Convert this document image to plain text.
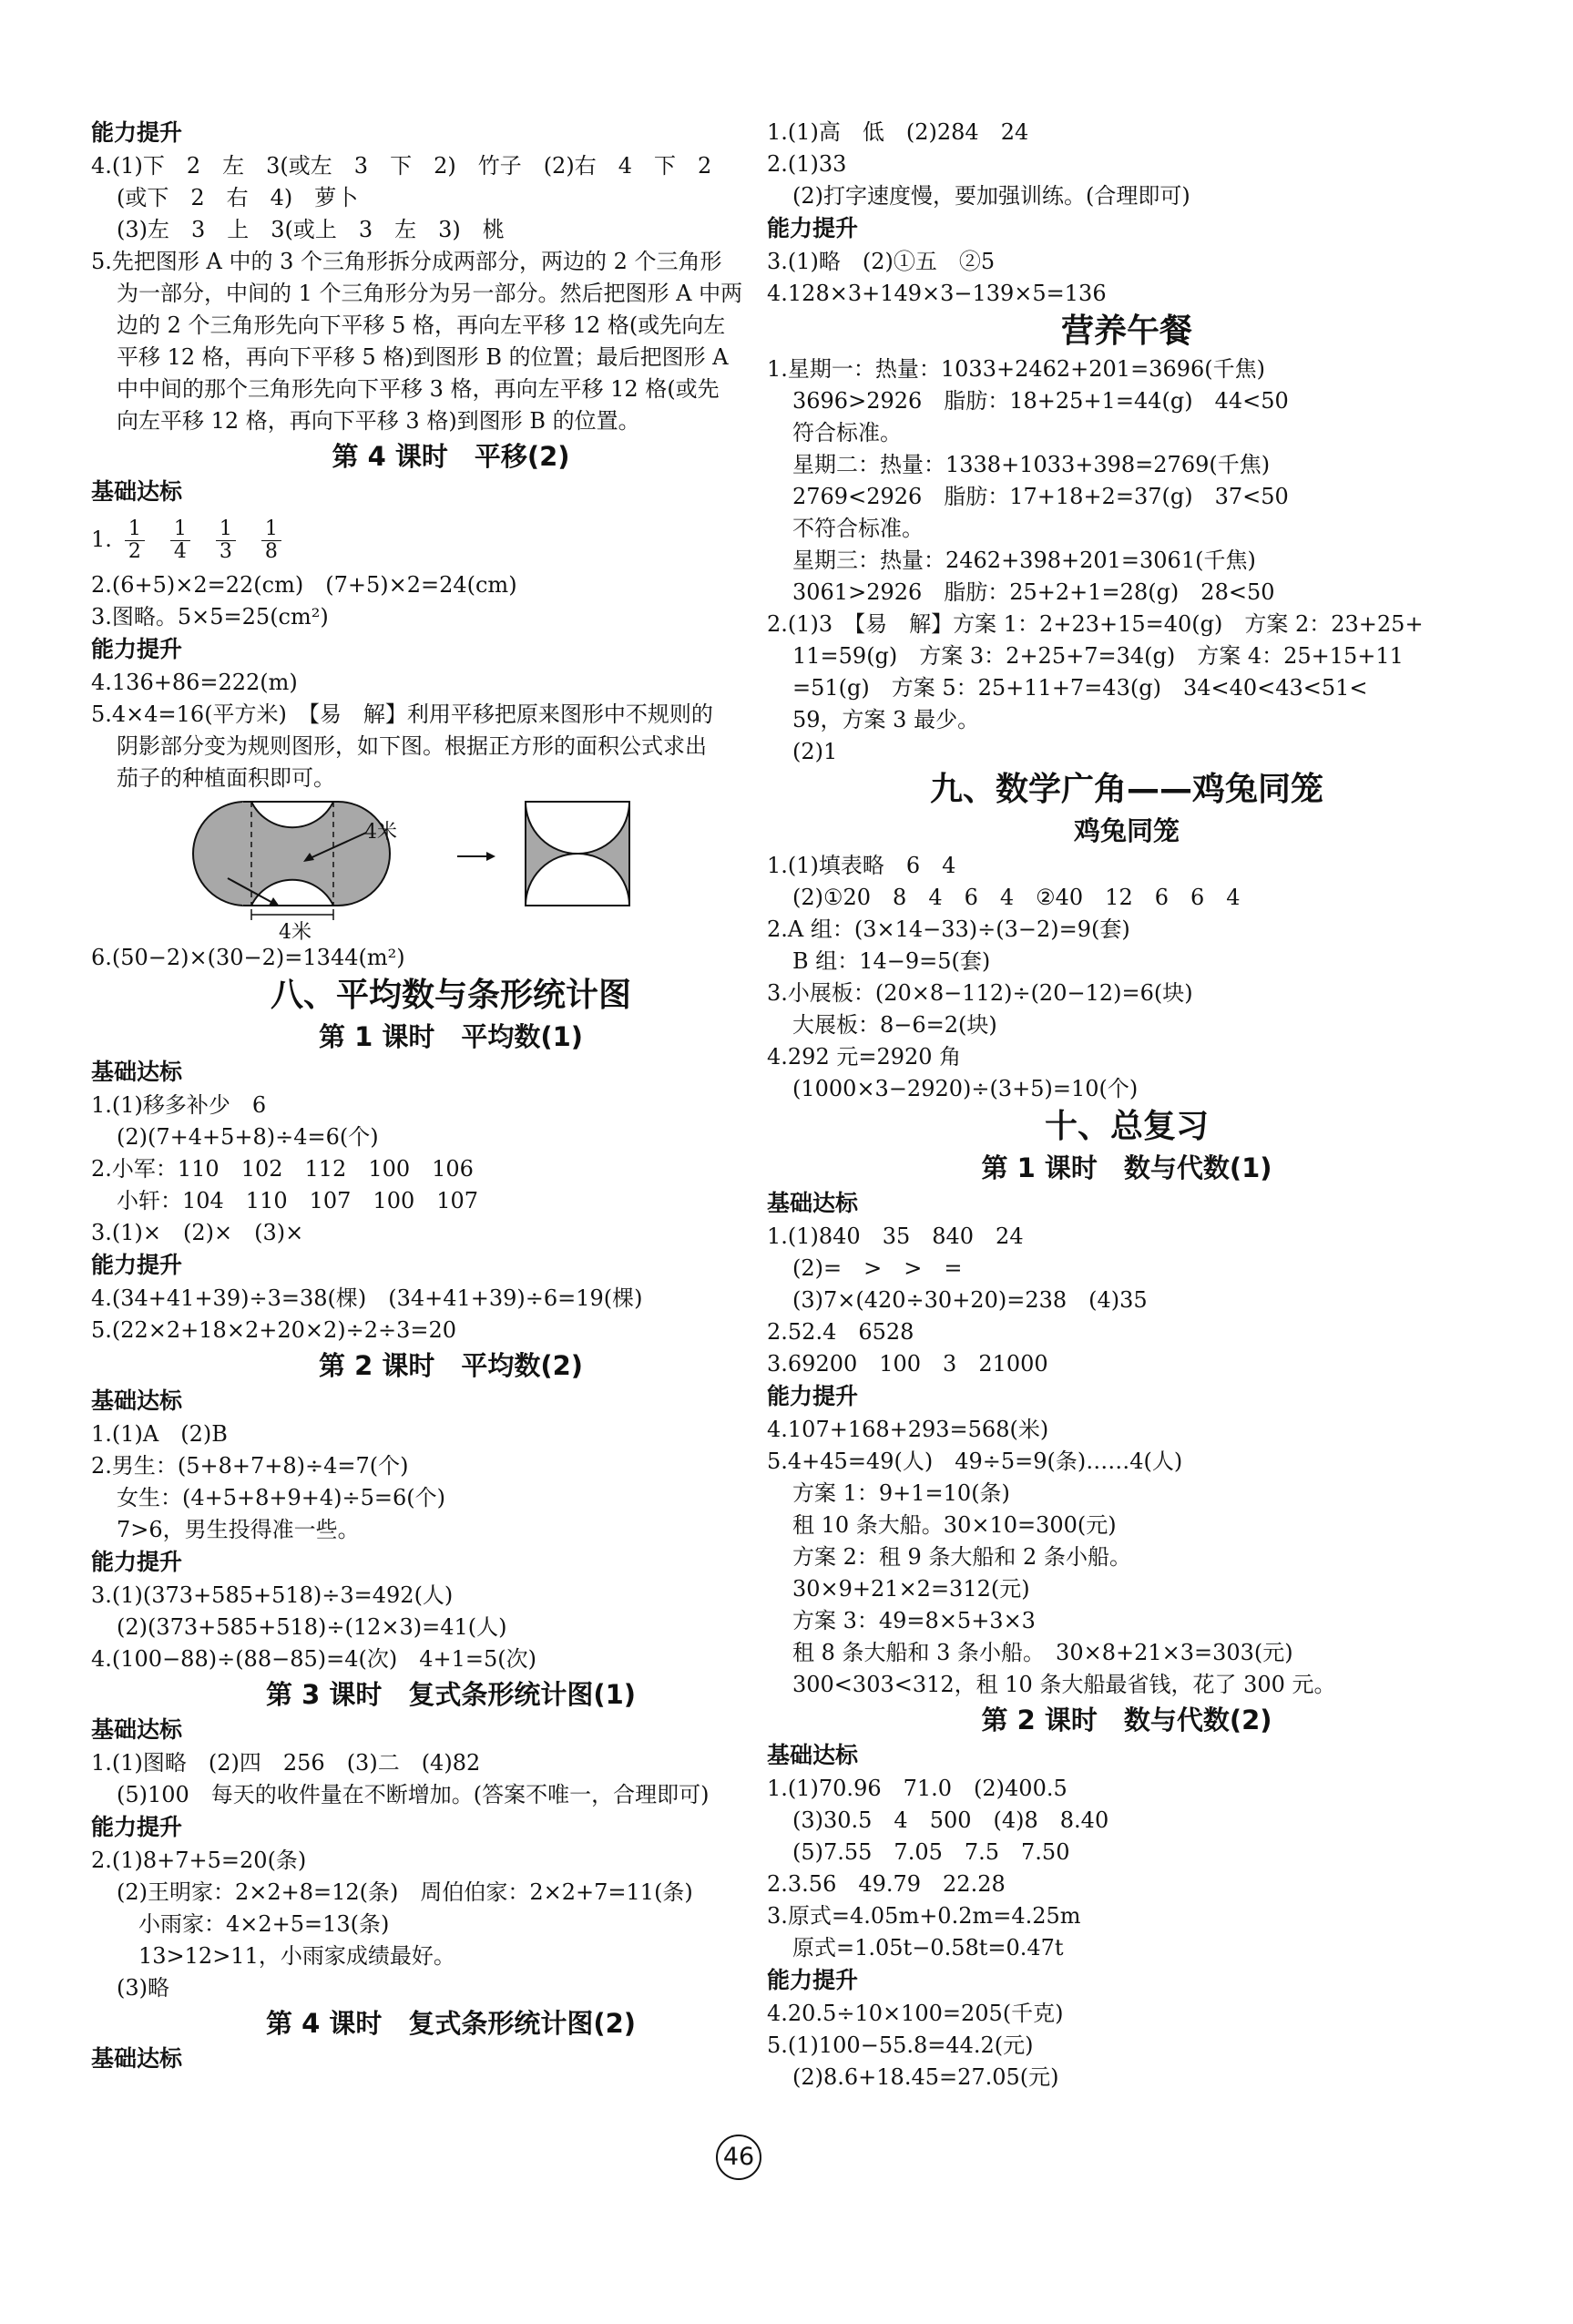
能力提升
4.(1)下　2　左　3(或左　3　下　2)　竹子　(2)右　4　下　2
(或下　2　右　4)　萝卜
(3)左　3　上　3(或上　3　左　3)　桃
5.先把图形 A 中的 3 个三角形拆分成两部分，两边的 2 个三角形
为一部分，中间的 1 个三角形分为另一部分。然后把图形 A 中两
边的 2 个三角形先向下平移 5 格，再向左平移 12 格(或先向左
平移 12 格，再向下平移 5 格)到图形 B 的位置；最后把图形 A
中中间的那个三角形先向下平移 3 格，再向左平移 12 格(或先
向左平移 12 格，再向下平移 3 格)到图形 B 的位置。
第 4 课时　平移(2)
基础达标
1. $\frac{1}{2} \frac{1}{4} \frac{1}{3} \frac{1}{8}$
2.(6+5)×2=22(cm)　(7+5)×2=24(cm)
3.图略。5×5=25(cm²)
能力提升
4.136+86=222(m)
5.4×4=16(平方米)　【易　解】利用平移把原来图形中不规则的
阴影部分变为规则图形，如下图。根据正方形的面积公式求出
茄子的种植面积即可。
4米
4米
6.(50−2)×(30−2)=1344(m²)
八、平均数与条形统计图
第 1 课时　平均数(1)
基础达标
1.(1)移多补少　6
(2)(7+4+5+8)÷4=6(个)
2.小军：110　102　112　100　106
小轩：104　110　107　100　107
3.(1)×　(2)×　(3)×
能力提升
4.(34+41+39)÷3=38(棵)　(34+41+39)÷6=19(棵)
5.(22×2+18×2+20×2)÷2÷3=20
第 2 课时　平均数(2)
基础达标
1.(1)A　(2)B
2.男生：(5+8+7+8)÷4=7(个)
女生：(4+5+8+9+4)÷5=6(个)
7>6，男生投得准一些。
能力提升
3.(1)(373+585+518)÷3=492(人)
(2)(373+585+518)÷(12×3)=41(人)
4.(100−88)÷(88−85)=4(次)　4+1=5(次)
第 3 课时　复式条形统计图(1)
基础达标
1.(1)图略　(2)四　256　(3)二　(4)82
(5)100　每天的收件量在不断增加。(答案不唯一，合理即可)
能力提升
2.(1)8+7+5=20(条)
(2)王明家：2×2+8=12(条)　周伯伯家：2×2+7=11(条)
小雨家：4×2+5=13(条)
13>12>11，小雨家成绩最好。
(3)略
第 4 课时　复式条形统计图(2)
基础达标
1.(1)高　低　(2)284　24
2.(1)33
(2)打字速度慢，要加强训练。(合理即可)
能力提升
3.(1)略　(2)①五　②5
4.128×3+149×3−139×5=136
营养午餐
1.星期一：热量：1033+2462+201=3696(千焦)
3696>2926　脂肪：18+25+1=44(g)　44<50
符合标准。
星期二：热量：1338+1033+398=2769(千焦)
2769<2926　脂肪：17+18+2=37(g)　37<50
不符合标准。
星期三：热量：2462+398+201=3061(千焦)
3061>2926　脂肪：25+2+1=28(g)　28<50
2.(1)3　【易　解】方案 1：2+23+15=40(g)　方案 2：23+25+
11=59(g)　方案 3：2+25+7=34(g)　方案 4：25+15+11
=51(g)　方案 5：25+11+7=43(g)　34<40<43<51<
59，方案 3 最少。
(2)1
九、数学广角——鸡兔同笼
鸡兔同笼
1.(1)填表略　6　4
(2)①20　8　4　6　4　②40　12　6　6　4
2.A 组：(3×14−33)÷(3−2)=9(套)
B 组：14−9=5(套)
3.小展板：(20×8−112)÷(20−12)=6(块)
大展板：8−6=2(块)
4.292 元=2920 角
(1000×3−2920)÷(3+5)=10(个)
十、总复习
第 1 课时　数与代数(1)
基础达标
1.(1)840　35　840　24
(2)=　>　>　=
(3)7×(420÷30+20)=238　(4)35
2.52.4　6528
3.69200　100　3　21000
能力提升
4.107+168+293=568(米)
5.4+45=49(人)　49÷5=9(条)……4(人)
方案 1：9+1=10(条)
租 10 条大船。30×10=300(元)
方案 2：租 9 条大船和 2 条小船。
30×9+21×2=312(元)
方案 3：49=8×5+3×3
租 8 条大船和 3 条小船。　30×8+21×3=303(元)
300<303<312，租 10 条大船最省钱，花了 300 元。
第 2 课时　数与代数(2)
基础达标
1.(1)70.96　71.0　(2)400.5
(3)30.5　4　500　(4)8　8.40
(5)7.55　7.05　7.5　7.50
2.3.56　49.79　22.28
3.原式=4.05m+0.2m=4.25m
原式=1.05t−0.58t=0.47t
能力提升
4.20.5÷10×100=205(千克)
5.(1)100−55.8=44.2(元)
(2)8.6+18.45=27.05(元)
46
